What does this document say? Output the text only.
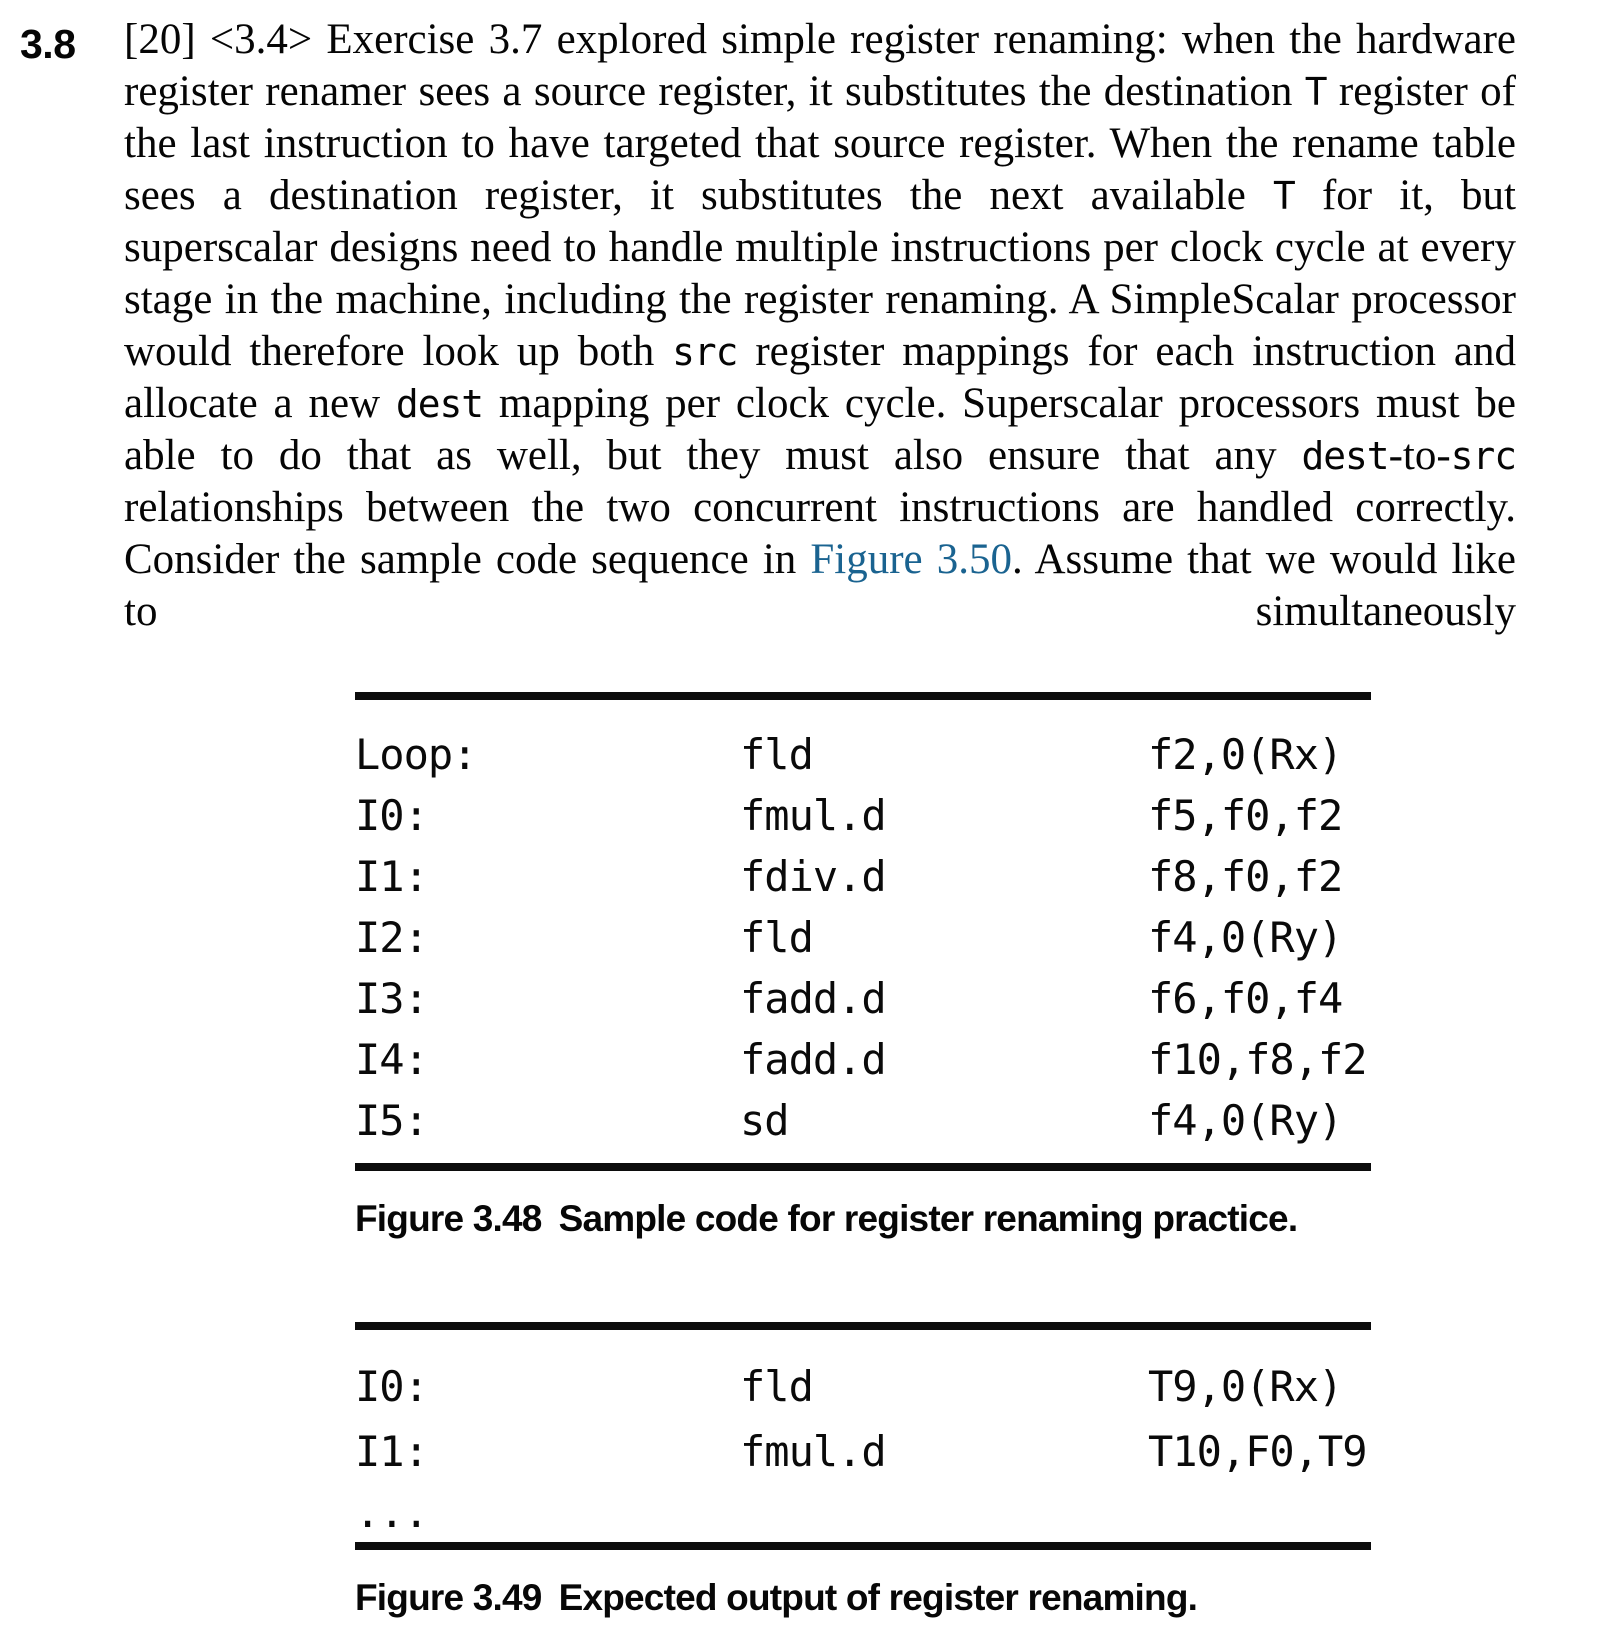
3.8 [20] <3.4> Exercise 3.7 explored simple register renaming: when the hardware register renamer sees a source register, it substitutes the destination T register of the last instruction to have targeted that source register. When the rename table sees a destination register, it substitutes the next available T for it, but superscalar designs need to handle multiple instructions per clock cycle at every stage in the machine, including the register renaming. A SimpleScalar processor would therefore look up both src register mappings for each instruction and allocate a new dest mapping per clock cycle. Superscalar processors must be able to do that as well, but they must also ensure that any dest-to-src relationships between the two concurrent instructions are handled correctly. Consider the sample code sequence in Figure 3.50. Assume that we would like to simultaneously
Loop:	fld	f2,0(Rx)
I0:	fmul.d	f5,f0,f2
I1:	fdiv.d	f8,f0,f2
I2:	fld	f4,0(Ry)
I3:	fadd.d	f6,f0,f4
I4:	fadd.d	f10,f8,f2
I5:	sd	f4,0(Ry)
Figure 3.48 Sample code for register renaming practice.
I0:	fld	T9,0(Rx)
I1:	fmul.d	T10,F0,T9
...
Figure 3.49 Expected output of register renaming.
